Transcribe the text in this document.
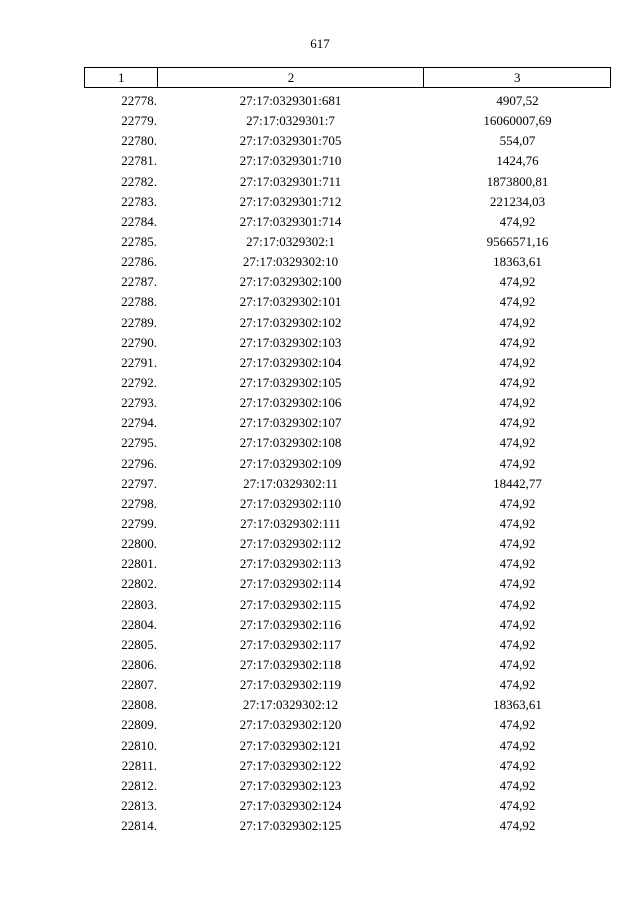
617
1	2	3
22778.	27:17:0329301:681	4907,52
22779.	27:17:0329301:7	16060007,69
22780.	27:17:0329301:705	554,07
22781.	27:17:0329301:710	1424,76
22782.	27:17:0329301:711	1873800,81
22783.	27:17:0329301:712	221234,03
22784.	27:17:0329301:714	474,92
22785.	27:17:0329302:1	9566571,16
22786.	27:17:0329302:10	18363,61
22787.	27:17:0329302:100	474,92
22788.	27:17:0329302:101	474,92
22789.	27:17:0329302:102	474,92
22790.	27:17:0329302:103	474,92
22791.	27:17:0329302:104	474,92
22792.	27:17:0329302:105	474,92
22793.	27:17:0329302:106	474,92
22794.	27:17:0329302:107	474,92
22795.	27:17:0329302:108	474,92
22796.	27:17:0329302:109	474,92
22797.	27:17:0329302:11	18442,77
22798.	27:17:0329302:110	474,92
22799.	27:17:0329302:111	474,92
22800.	27:17:0329302:112	474,92
22801.	27:17:0329302:113	474,92
22802.	27:17:0329302:114	474,92
22803.	27:17:0329302:115	474,92
22804.	27:17:0329302:116	474,92
22805.	27:17:0329302:117	474,92
22806.	27:17:0329302:118	474,92
22807.	27:17:0329302:119	474,92
22808.	27:17:0329302:12	18363,61
22809.	27:17:0329302:120	474,92
22810.	27:17:0329302:121	474,92
22811.	27:17:0329302:122	474,92
22812.	27:17:0329302:123	474,92
22813.	27:17:0329302:124	474,92
22814.	27:17:0329302:125	474,92
